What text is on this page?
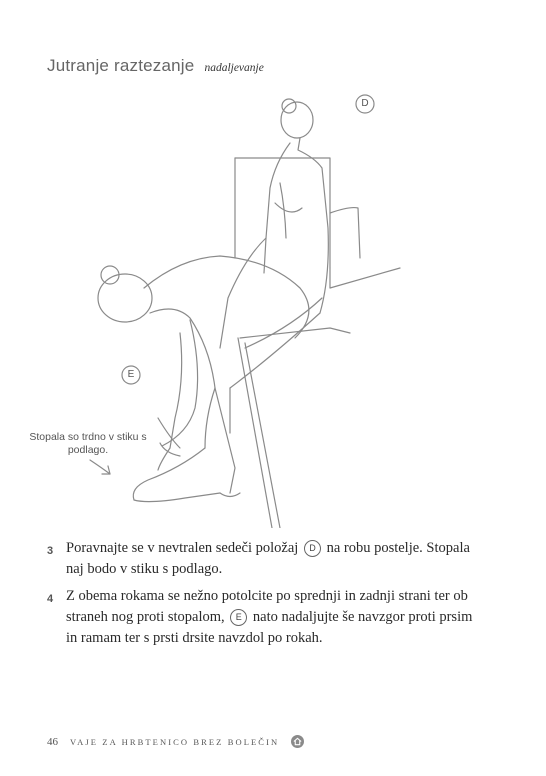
Jutranje raztezanje nadaljevanje
D
E
Stopala so trdno v stiku s podlago.
3 Poravnajte se v nevtralen sedeči položaj D na robu postelje. Stopala naj bodo v stiku s podlago.
4 Z obema rokama se nežno potolcite po sprednji in zadnji strani ter ob straneh nog proti stopalom, E nato nadaljujte še navzgor proti prsim in ramam ter s prsti drsite navzdol po rokah.
46 VAJE ZA HRBTENICO BREZ BOLEČIN
